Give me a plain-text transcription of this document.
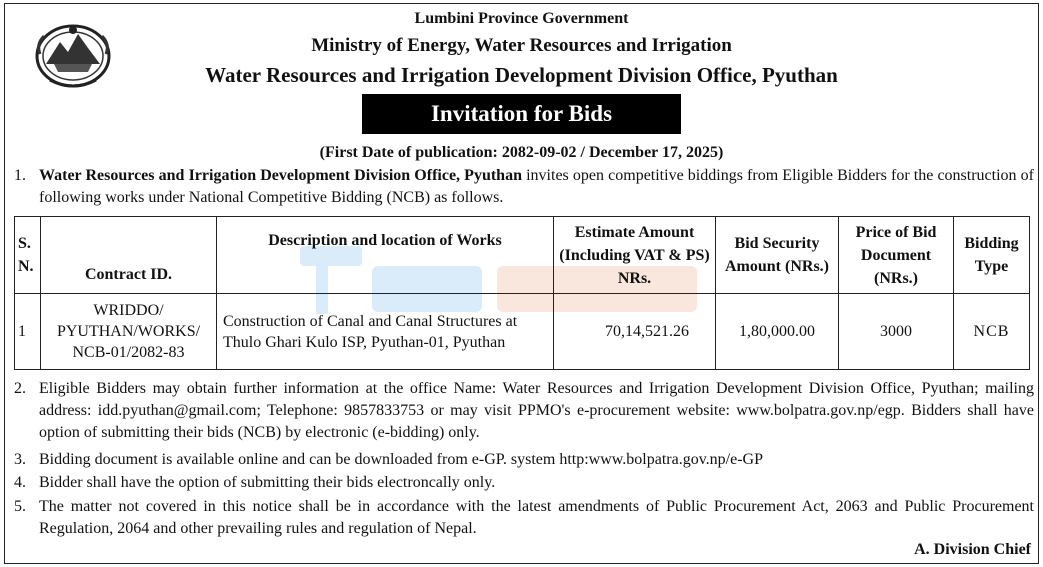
Lumbini Province Government
Ministry of Energy, Water Resources and Irrigation
Water Resources and Irrigation Development Division Office, Pyuthan
Invitation for Bids
(First Date of publication: 2082-09-02 / December 17, 2025)
1. Water Resources and Irrigation Development Division Office, Pyuthan invites open competitive biddings from Eligible Bidders for the construction of following works under National Competitive Bidding (NCB) as follows.
S. N.	Contract ID.	Description and location of Works	Estimate Amount (Including VAT & PS) NRs.	Bid Security Amount (NRs.)	Price of Bid Document (NRs.)	Bidding Type
1	WRIDDO/ PYUTHAN/WORKS/ NCB-01/2082-83	Construction of Canal and Canal Structures at Thulo Ghari Kulo ISP, Pyuthan-01, Pyuthan	70,14,521.26	1,80,000.00	3000	NCB
2. Eligible Bidders may obtain further information at the office Name: Water Resources and Irrigation Development Division Office, Pyuthan; mailing address: idd.pyuthan@gmail.com; Telephone: 9857833753 or may visit PPMO's e-procurement website: www.bolpatra.gov.np/egp. Bidders shall have option of submitting their bids (NCB) by electronic (e-bidding) only.
3. Bidding document is available online and can be downloaded from e-GP. system http:www.bolpatra.gov.np/e-GP
4. Bidder shall have the option of submitting their bids electroncally only.
5. The matter not covered in this notice shall be in accordance with the latest amendments of Public Procurement Act, 2063 and Public Procurement Regulation, 2064 and other prevailing rules and regulation of Nepal.
A. Division Chief
